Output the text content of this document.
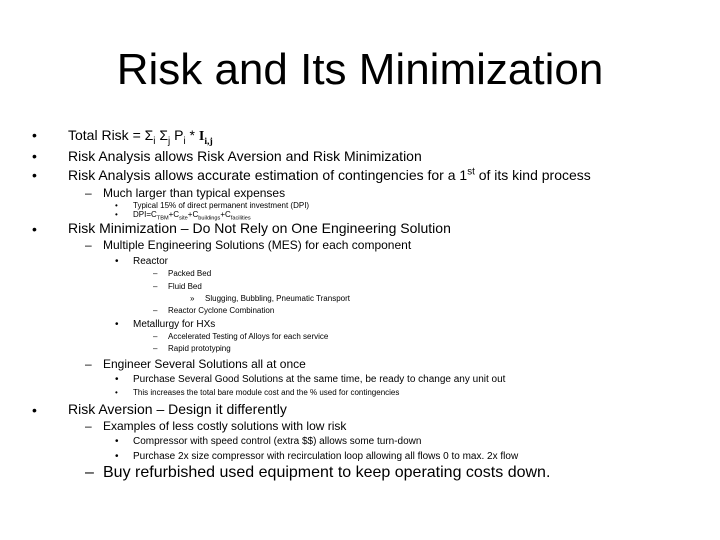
Risk and Its Minimization
• Total Risk = $\Sigma_i$ $\Sigma_j$ $P_i * I_{i,j}$
• Risk Analysis allows Risk Aversion and Risk Minimization
• Risk Analysis allows accurate estimation of contingencies for a 1st of its kind process
– Much larger than typical expenses
• Typical 15% of direct permanent investment (DPI)
• $DPI=C_{TBM}+C_{site}+C_{buildings}+C_{facilities}$
• Risk Minimization – Do Not Rely on One Engineering Solution
– Multiple Engineering Solutions (MES) for each component
• Reactor
– Packed Bed
– Fluid Bed
» Slugging, Bubbling, Pneumatic Transport
– Reactor Cyclone Combination
• Metallurgy for HXs
– Accelerated Testing of Alloys for each service
– Rapid prototyping
– Engineer Several Solutions all at once
• Purchase Several Good Solutions at the same time, be ready to change any unit out
• This increases the total bare module cost and the % used for contingencies
• Risk Aversion – Design it differently
– Examples of less costly solutions with low risk
• Compressor with speed control (extra $$) allows some turn-down
• Purchase 2x size compressor with recirculation loop allowing all flows 0 to max. 2x flow
– Buy refurbished used equipment to keep operating costs down.
